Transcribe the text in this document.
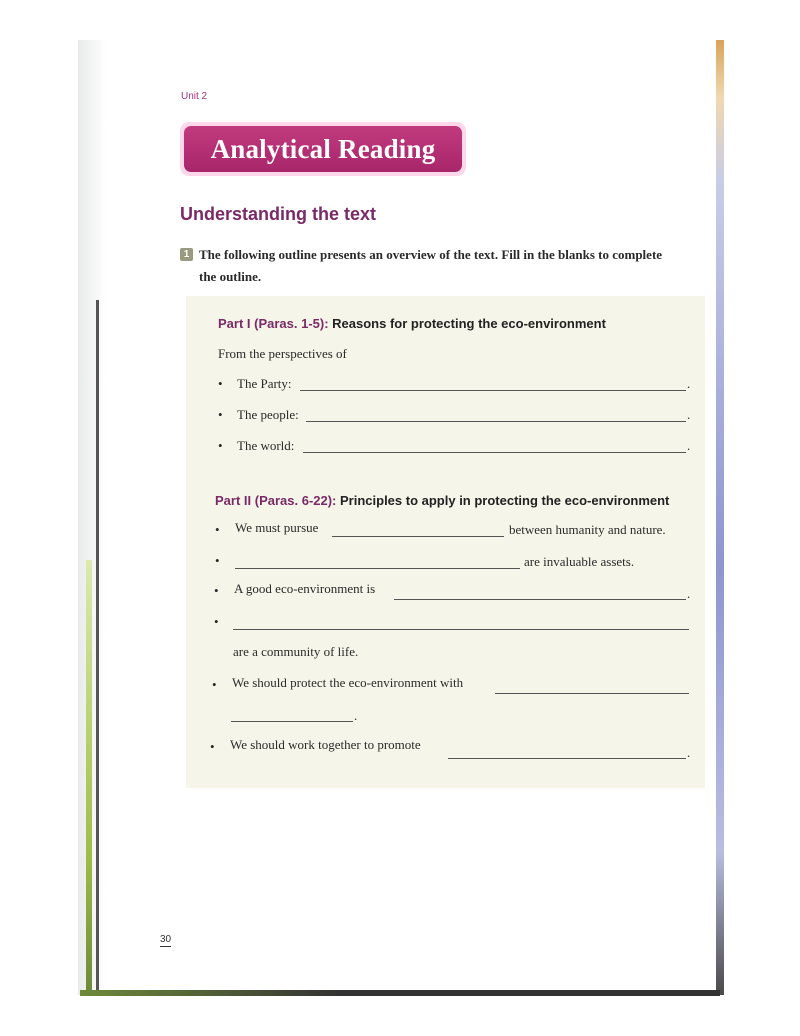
Unit 2
Analytical Reading
Understanding the text
1 The following outline presents an overview of the text. Fill in the blanks to complete
the outline.
Part I (Paras. 1-5): Reasons for protecting the eco-environment
From the perspectives of
• The Party:	.
• The people:	.
• The world:	.
Part II (Paras. 6-22): Principles to apply in protecting the eco-environment
• We must pursue	between humanity and nature.
•	are invaluable assets.
• A good eco-environment is	.
•
are a community of life.
• We should protect the eco-environment with
.
• We should work together to promote
.
30
